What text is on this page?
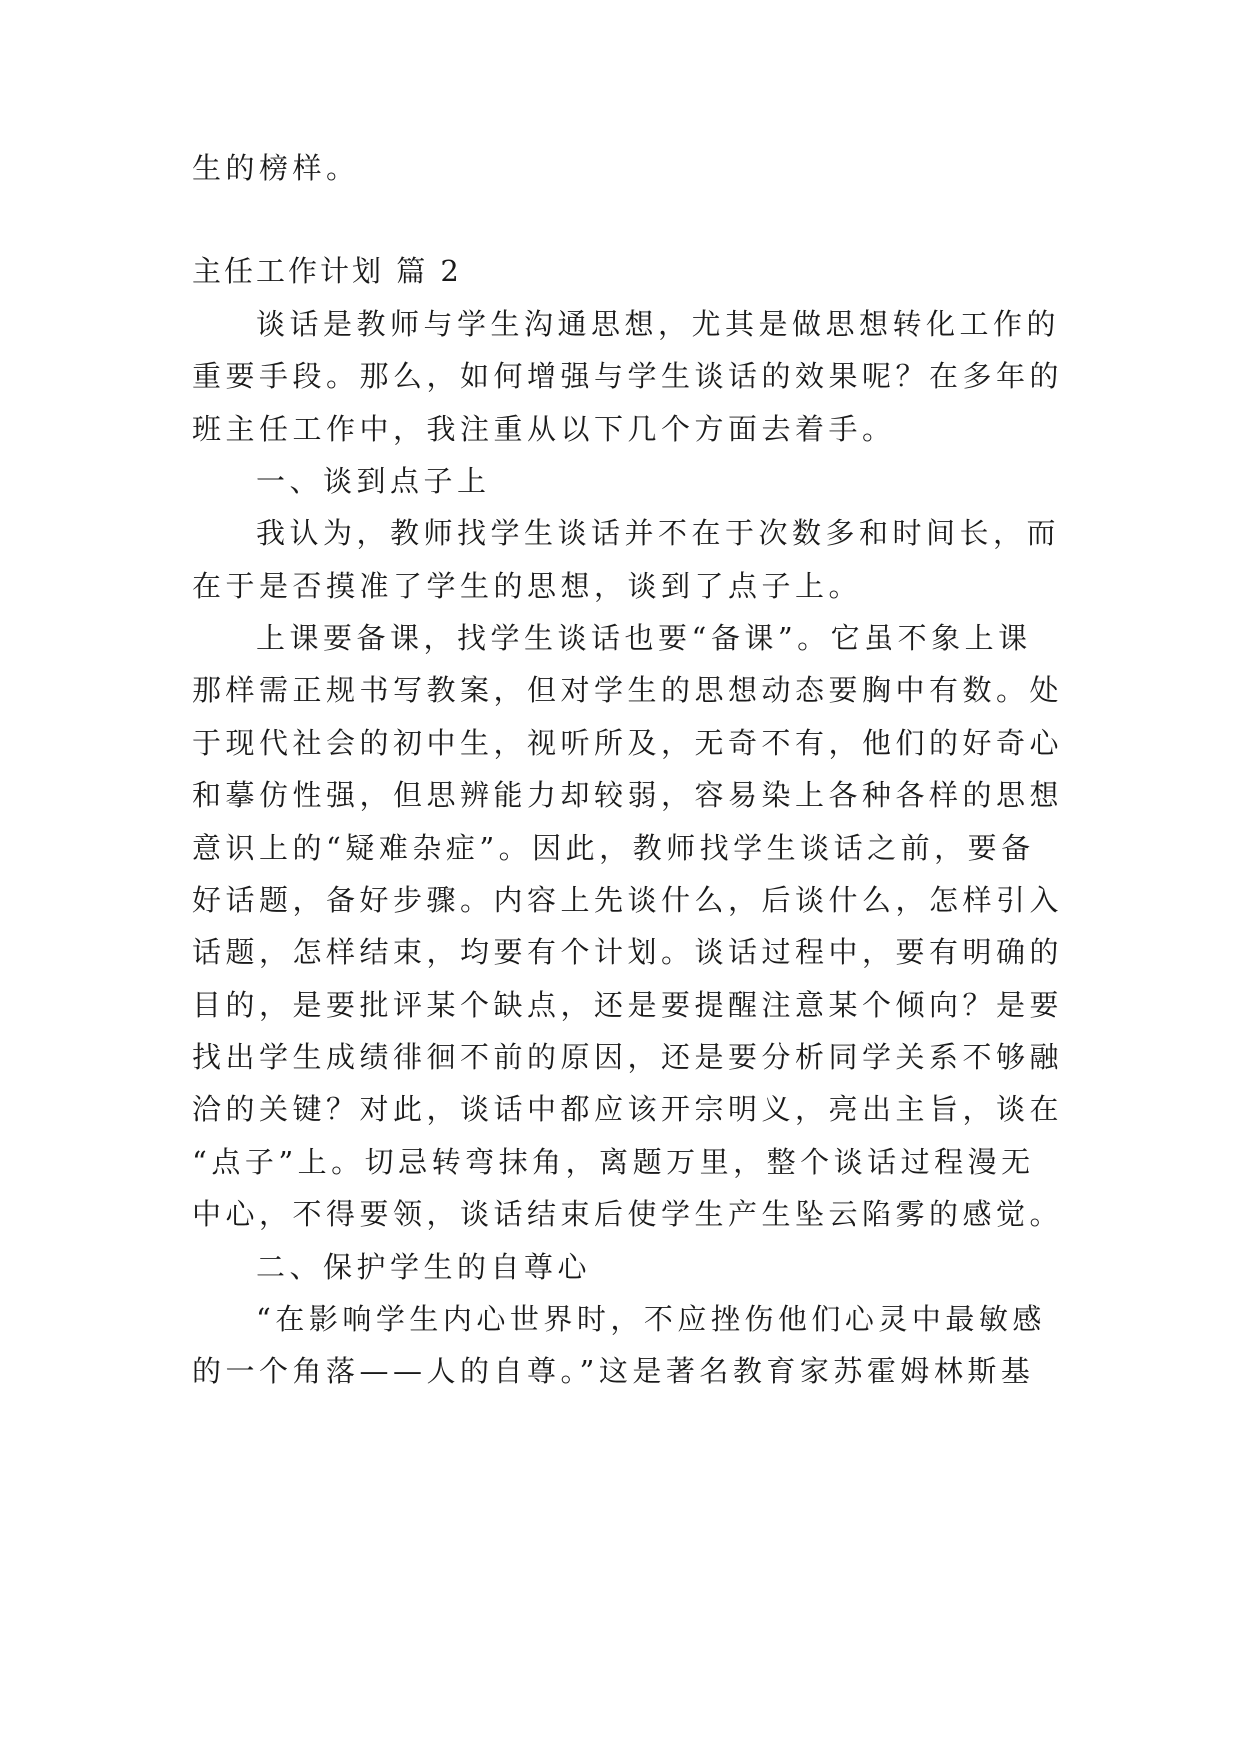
生的榜样。
主任工作计划 篇 2
谈话是教师与学生沟通思想，尤其是做思想转化工作的
重要手段。那么，如何增强与学生谈话的效果呢？在多年的
班主任工作中，我注重从以下几个方面去着手。
一、谈到点子上
我认为，教师找学生谈话并不在于次数多和时间长，而
在于是否摸准了学生的思想，谈到了点子上。
上课要备课，找学生谈话也要“备课”。它虽不象上课
那样需正规书写教案，但对学生的思想动态要胸中有数。处
于现代社会的初中生，视听所及，无奇不有，他们的好奇心
和摹仿性强，但思辨能力却较弱，容易染上各种各样的思想
意识上的“疑难杂症”。因此，教师找学生谈话之前，要备
好话题，备好步骤。内容上先谈什么，后谈什么，怎样引入
话题，怎样结束，均要有个计划。谈话过程中，要有明确的
目的，是要批评某个缺点，还是要提醒注意某个倾向？是要
找出学生成绩徘徊不前的原因，还是要分析同学关系不够融
洽的关键？对此，谈话中都应该开宗明义，亮出主旨，谈在
“点子”上。切忌转弯抹角，离题万里，整个谈话过程漫无
中心，不得要领，谈话结束后使学生产生坠云陷雾的感觉。
二、保护学生的自尊心
“在影响学生内心世界时，不应挫伤他们心灵中最敏感
的一个角落——人的自尊。”这是著名教育家苏霍姆林斯基
